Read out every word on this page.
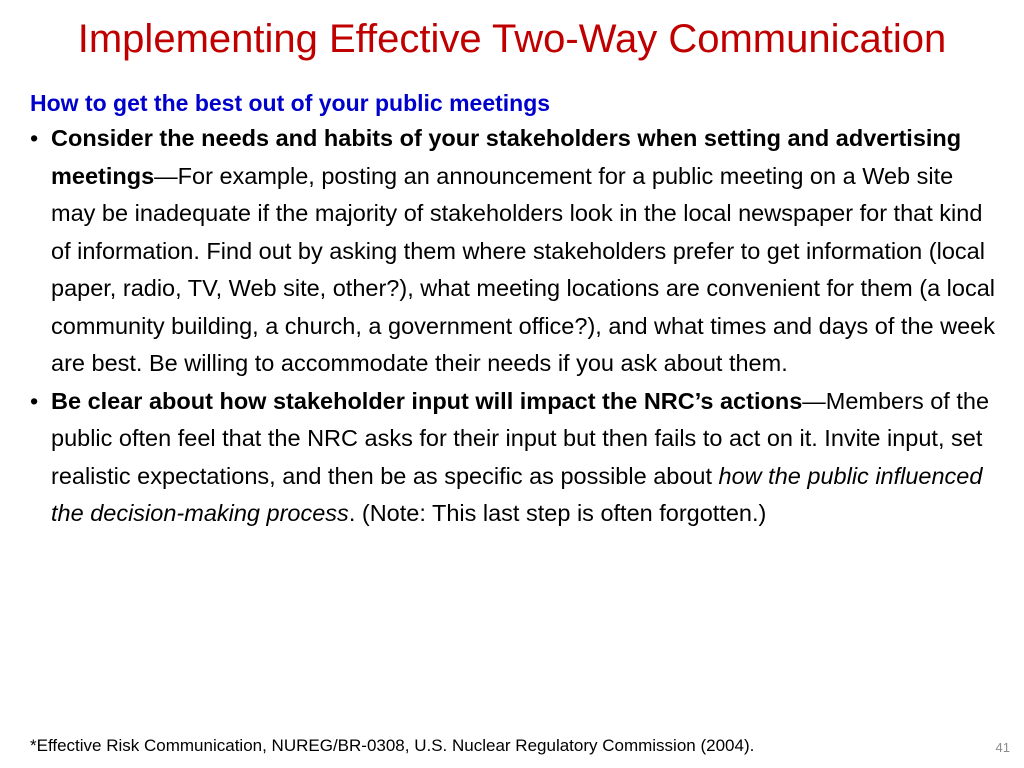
Implementing Effective Two-Way Communication

How to get the best out of your public meetings

• Consider the needs and habits of your stakeholders when setting and advertising meetings—For example, posting an announcement for a public meeting on a Web site may be inadequate if the majority of stakeholders look in the local newspaper for that kind of information. Find out by asking them where stakeholders prefer to get information (local paper, radio, TV, Web site, other?), what meeting locations are convenient for them (a local community building, a church, a government office?), and what times and days of the week are best. Be willing to accommodate their needs if you ask about them.
• Be clear about how stakeholder input will impact the NRC’s actions—Members of the public often feel that the NRC asks for their input but then fails to act on it. Invite input, set realistic expectations, and then be as specific as possible about how the public influenced the decision-making process. (Note: This last step is often forgotten.)
*Effective Risk Communication, NUREG/BR-0308, U.S. Nuclear Regulatory Commission (2004).	41
